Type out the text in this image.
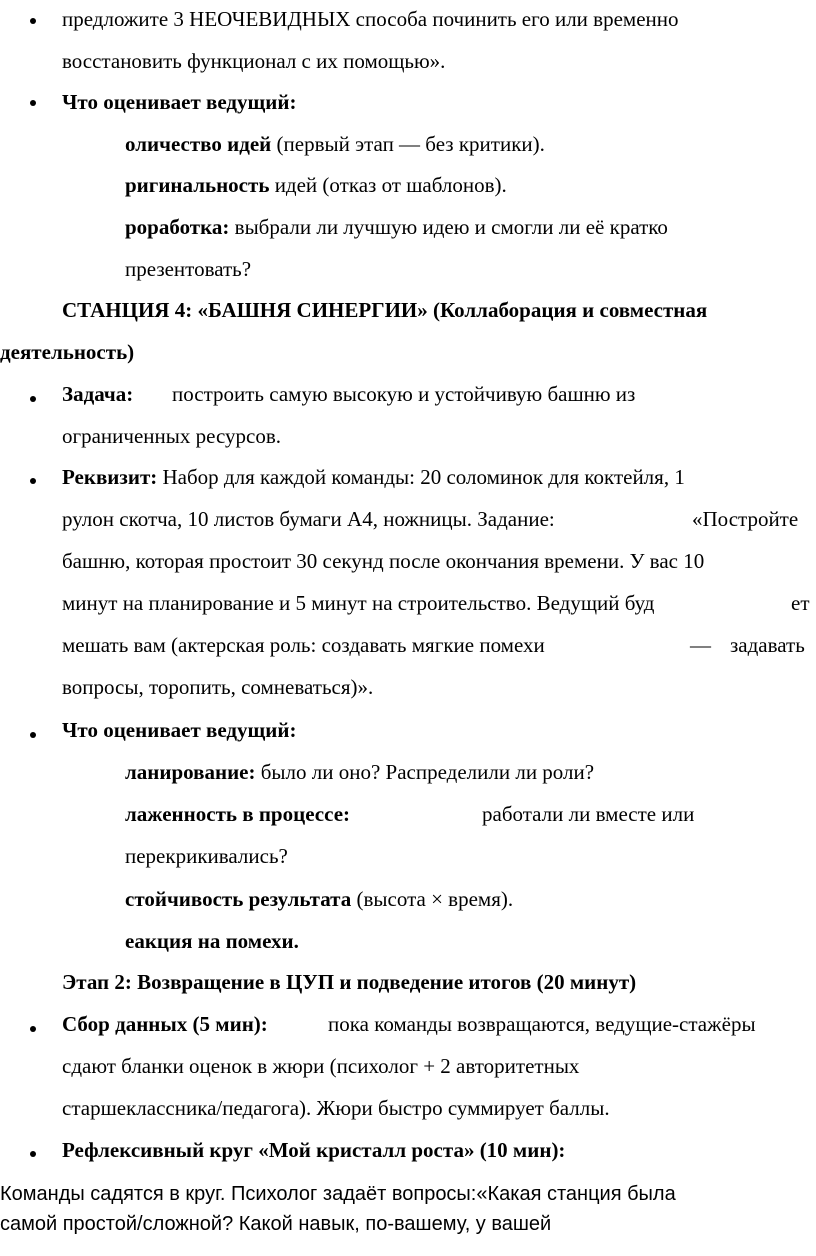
предложите 3 НЕОЧЕВИДНЫХ способа починить его или временно
восстановить функционал с их помощью».
Что оценивает ведущий:
оличество идей (первый этап — без критики).
ригинальность идей (отказ от шаблонов).
роработка: выбрали ли лучшую идею и смогли ли её кратко
презентовать?
СТАНЦИЯ 4: «БАШНЯ СИНЕРГИИ» (Коллаборация и совместная
деятельность)
Задача: построить самую высокую и устойчивую башню из
ограниченных ресурсов.
Реквизит: Набор для каждой команды: 20 соломинок для коктейля, 1
рулон скотча, 10 листов бумаги А4, ножницы. Задание:	«Постройте
башню, которая простоит 30 секунд после окончания времени. У вас 10
минут на планирование и 5 минут на строительство. Ведущий буд	ет
мешать вам (актерская роль: создавать мягкие помехи	— задавать
вопросы, торопить, сомневаться)».
Что оценивает ведущий:
ланирование: было ли оно? Распределили ли роли?
лаженность в процессе:	работали ли вместе или
перекрикивались?
стойчивость результата (высота × время).
еакция на помехи.
Этап 2: Возвращение в ЦУП и подведение итогов (20 минут)
Сбор данных (5 мин):	пока команды возвращаются, ведущие-стажёры
сдают бланки оценок в жюри (психолог + 2 авторитетных
старшеклассника/педагога). Жюри быстро суммирует баллы.
Рефлексивный круг «Мой кристалл роста» (10 мин):
Команды садятся в круг. Психолог задаёт вопросы:«Какая станция была
самой простой/сложной? Какой навык, по-вашему, у вашей
